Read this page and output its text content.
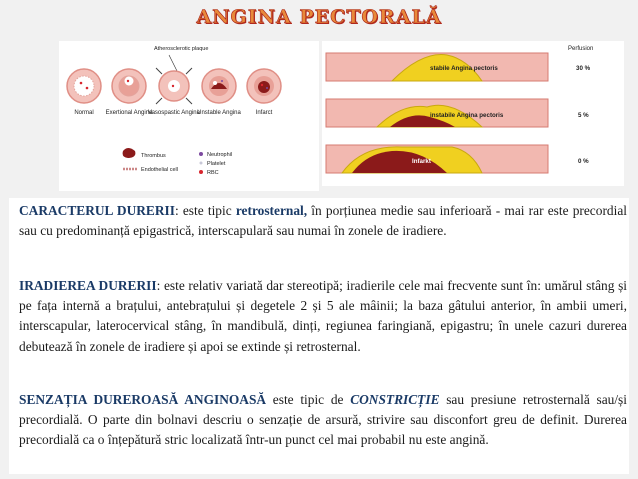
ANGINA PECTORALĂ
Atherosclerotic plaque
Normal Exertional Angina
Vasospastic Angina
Unstable Angina Infarct
Thrombus
Endothelial cell
Neutrophil
Platelet
RBC
Perfusion
stabile Angina pectoris	30 %
instabile Angina pectoris	5 %
Infarkt	0 %

CARACTERUL DURERII: este tipic retrosternal, în porțiunea medie sau inferioară - mai rar este precordial sau cu predominanță epigastrică, interscapulară sau numai în zonele de iradiere.

IRADIEREA DURERII: este relativ variată dar stereotipă; iradierile cele mai frecvente sunt în: umărul stâng și pe fața internă a brațului, antebrațului și degetele 2 și 5 ale mâinii; la baza gâtului anterior, în ambii umeri, interscapular, laterocervical stâng, în mandibulă, dinți, regiunea faringiană, epigastru; în unele cazuri durerea debutează în zonele de iradiere și apoi se extinde și retrosternal.

SENZAȚIA DUREROASĂ ANGINOASĂ este tipic de CONSTRICȚIE sau presiune retrosternală sau/și precordială. O parte din bolnavi descriu o senzație de arsură, strivire sau disconfort greu de definit. Durerea precordială ca o înțepătură stric localizată într-un punct cel mai probabil nu este angină.
